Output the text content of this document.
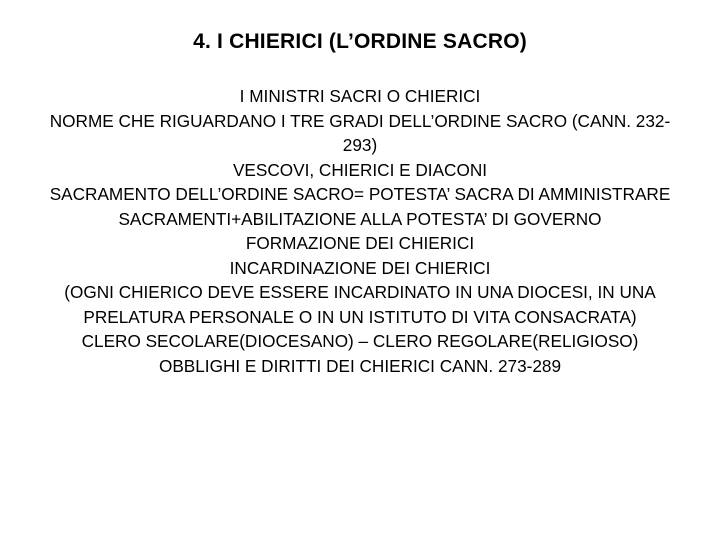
4. I CHIERICI (L’ORDINE SACRO)

I MINISTRI SACRI O CHIERICI

NORME CHE RIGUARDANO I TRE GRADI DELL’ORDINE SACRO (CANN. 232-293)

VESCOVI, CHIERICI E DIACONI

SACRAMENTO DELL’ORDINE SACRO= POTESTA’ SACRA DI AMMINISTRARE SACRAMENTI+ABILITAZIONE ALLA POTESTA’ DI GOVERNO

FORMAZIONE DEI CHIERICI

INCARDINAZIONE DEI CHIERICI

(OGNI CHIERICO DEVE ESSERE INCARDINATO IN UNA DIOCESI, IN UNA PRELATURA PERSONALE O IN UN ISTITUTO DI VITA CONSACRATA)

CLERO SECOLARE(DIOCESANO) – CLERO REGOLARE(RELIGIOSO)

OBBLIGHI E DIRITTI DEI CHIERICI CANN. 273-289
